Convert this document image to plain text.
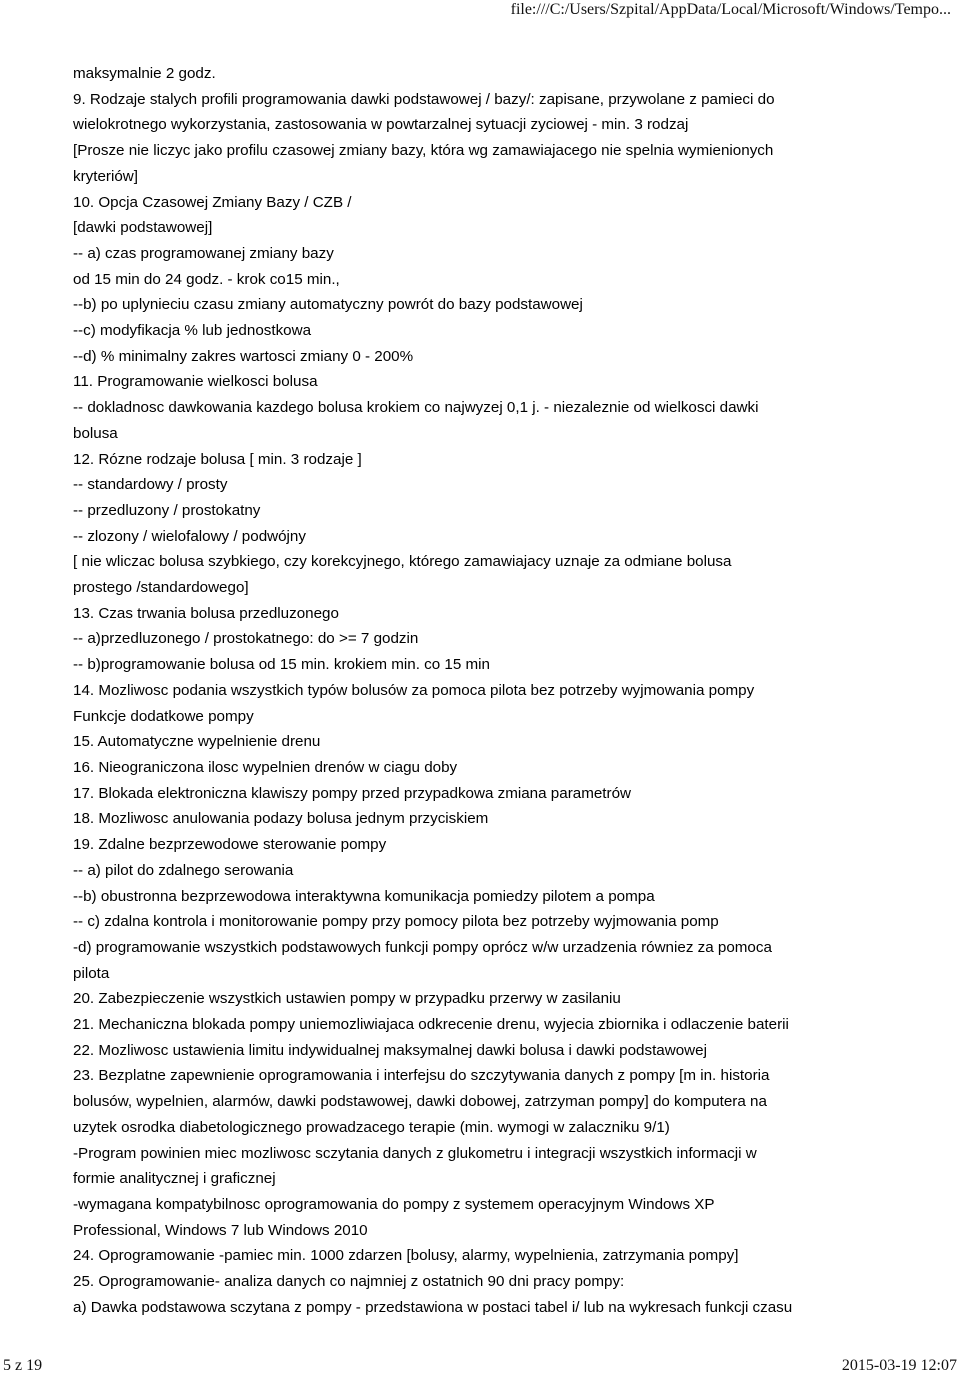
file:///C:/Users/Szpital/AppData/Local/Microsoft/Windows/Tempo...
maksymalnie 2 godz.
9. Rodzaje stalych profili programowania dawki podstawowej / bazy/: zapisane, przywolane z pamieci do
wielokrotnego wykorzystania, zastosowania w powtarzalnej sytuacji zyciowej - min. 3 rodzaj
[Prosze nie liczyc jako profilu czasowej zmiany bazy, która wg zamawiajacego nie spelnia wymienionych
kryteriów]
10. Opcja Czasowej Zmiany Bazy / CZB /
[dawki podstawowej]
-- a) czas programowanej zmiany bazy
od 15 min do 24 godz. - krok co15 min.,
--b) po uplynieciu czasu zmiany automatyczny powrót do bazy podstawowej
--c) modyfikacja % lub jednostkowa
--d) % minimalny zakres wartosci zmiany 0 - 200%
11. Programowanie wielkosci bolusa
-- dokladnosc dawkowania kazdego bolusa krokiem co najwyzej 0,1 j. - niezaleznie od wielkosci dawki
bolusa
12. Rózne rodzaje bolusa [ min. 3 rodzaje ]
-- standardowy / prosty
-- przedluzony / prostokatny
-- zlozony / wielofalowy / podwójny
[ nie wliczac bolusa szybkiego, czy korekcyjnego, którego zamawiajacy uznaje za odmiane bolusa
prostego /standardowego]
13. Czas trwania bolusa przedluzonego
-- a)przedluzonego / prostokatnego: do >= 7 godzin
-- b)programowanie bolusa od 15 min. krokiem min. co 15 min
14. Mozliwosc podania wszystkich typów bolusów za pomoca pilota bez potrzeby wyjmowania pompy
Funkcje dodatkowe pompy
15. Automatyczne wypelnienie drenu
16. Nieograniczona ilosc wypelnien drenów w ciagu doby
17. Blokada elektroniczna klawiszy pompy przed przypadkowa zmiana parametrów
18. Mozliwosc anulowania podazy bolusa jednym przyciskiem
19. Zdalne bezprzewodowe sterowanie pompy
-- a) pilot do zdalnego serowania
--b) obustronna bezprzewodowa interaktywna komunikacja pomiedzy pilotem a pompa
-- c) zdalna kontrola i monitorowanie pompy przy pomocy pilota bez potrzeby wyjmowania pomp
-d) programowanie wszystkich podstawowych funkcji pompy oprócz w/w urzadzenia równiez za pomoca
pilota
20. Zabezpieczenie wszystkich ustawien pompy w przypadku przerwy w zasilaniu
21. Mechaniczna blokada pompy uniemozliwiajaca odkrecenie drenu, wyjecia zbiornika i odlaczenie baterii
22. Mozliwosc ustawienia limitu indywidualnej maksymalnej dawki bolusa i dawki podstawowej
23. Bezplatne zapewnienie oprogramowania i interfejsu do szczytywania danych z pompy [m in. historia
bolusów, wypelnien, alarmów, dawki podstawowej, dawki dobowej, zatrzyman pompy] do komputera na
uzytek osrodka diabetologicznego prowadzacego terapie (min. wymogi w zalaczniku 9/1)
-Program powinien miec mozliwosc sczytania danych z glukometru i integracji wszystkich informacji w
formie analitycznej i graficznej
-wymagana kompatybilnosc oprogramowania do pompy z systemem operacyjnym Windows XP
Professional, Windows 7 lub Windows 2010
24. Oprogramowanie -pamiec min. 1000 zdarzen [bolusy, alarmy, wypelnienia, zatrzymania pompy]
25. Oprogramowanie- analiza danych co najmniej z ostatnich 90 dni pracy pompy:
a) Dawka podstawowa sczytana z pompy - przedstawiona w postaci tabel i/ lub na wykresach funkcji czasu
5 z 19	2015-03-19 12:07
